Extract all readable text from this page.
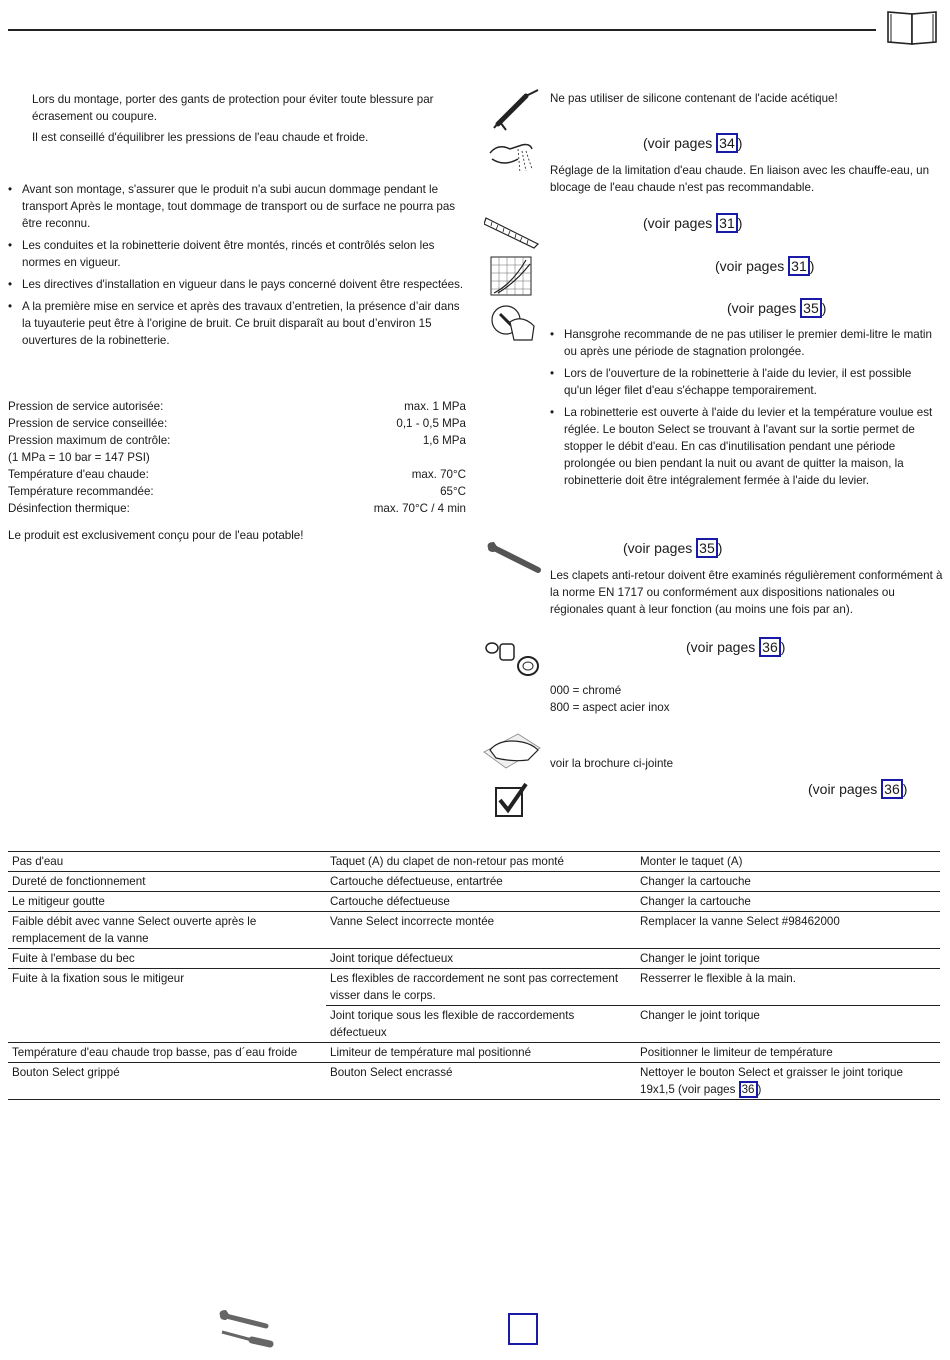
Lors du montage, porter des gants de protection pour éviter toute blessure par écrasement ou coupure.

Il est conseillé d'équilibrer les pressions de l'eau chaude et froide.

• Avant son montage, s'assurer que le produit n'a subi aucun dommage pendant le transport Après le montage, tout dommage de transport ou de surface ne pourra pas être reconnu.
• Les conduites et la robinetterie doivent être montés, rincés et contrôlés selon les normes en vigueur.
• Les directives d'installation en vigueur dans le pays concerné doivent être respectées.
• A la première mise en service et après des travaux d’entretien, la présence d’air dans la tuyauterie peut être à l'origine de bruit. Ce bruit disparaît au bout d’environ 15 ouvertures de la robinetterie.
Pression de service autorisée:	max. 1 MPa
Pression de service conseillée:	0,1 - 0,5 MPa
Pression maximum de contrôle:	1,6 MPa
(1 MPa = 10 bar = 147 PSI)
Température d'eau chaude:	max. 70°C
Température recommandée:	65°C
Désinfection thermique:	max. 70°C / 4 min
Le produit est exclusivement conçu pour de l'eau potable!
Ne pas utiliser de silicone contenant de l'acide acétique!
(voir pages 34 )
Réglage de la limitation d'eau chaude. En liaison avec les chauffe-eau, un blocage de l'eau chaude n'est pas recommandable.
(voir pages 31 )
(voir pages 31 )
(voir pages 35 )
• Hansgrohe recommande de ne pas utiliser le premier demi-litre le matin ou après une période de stagnation prolongée.
• Lors de l'ouverture de la robinetterie à l'aide du levier, il est possible qu'un léger filet d'eau s'échappe temporairement.
• La robinetterie est ouverte à l'aide du levier et la température voulue est réglée. Le bouton Select se trouvant à l'avant sur la sortie permet de stopper le débit d'eau. En cas d'inutilisation pendant une période prolongée ou bien pendant la nuit ou avant de quitter la maison, la robinetterie doit être intégralement fermée à l'aide du levier.
(voir pages 35 )
Les clapets anti-retour doivent être examinés régulièrement conformément à la norme EN 1717 ou conformément aux dispositions nationales ou régionales quant à leur fonction (au moins une fois par an).
(voir pages 36 )
000 = chromé
800 = aspect acier inox
voir la brochure ci-jointe
(voir pages 36 )
Pas d'eau	Taquet (A) du clapet de non-retour pas monté	Monter le taquet (A)
Dureté de fonctionnement	Cartouche défectueuse, entartrée	Changer la cartouche
Le mitigeur goutte	Cartouche défectueuse	Changer la cartouche
Faible débit avec vanne Select ouverte après le remplacement de la vanne	Vanne Select incorrecte montée	Remplacer la vanne Select #98462000
Fuite à l'embase du bec	Joint torique défectueux	Changer le joint torique
Fuite à la fixation sous le mitigeur	Les flexibles de raccordement ne sont pas correctement visser dans le corps.	Resserrer le flexible à la main.
	Joint torique sous les flexible de raccordements défectueux	Changer le joint torique
Température d'eau chaude trop basse, pas d´eau froide	Limiteur de température mal positionné	Positionner le limiteur de température
Bouton Select grippé	Bouton Select encrassé	Nettoyer le bouton Select et graisser le joint torique 19x1,5 (voir pages 36 )
